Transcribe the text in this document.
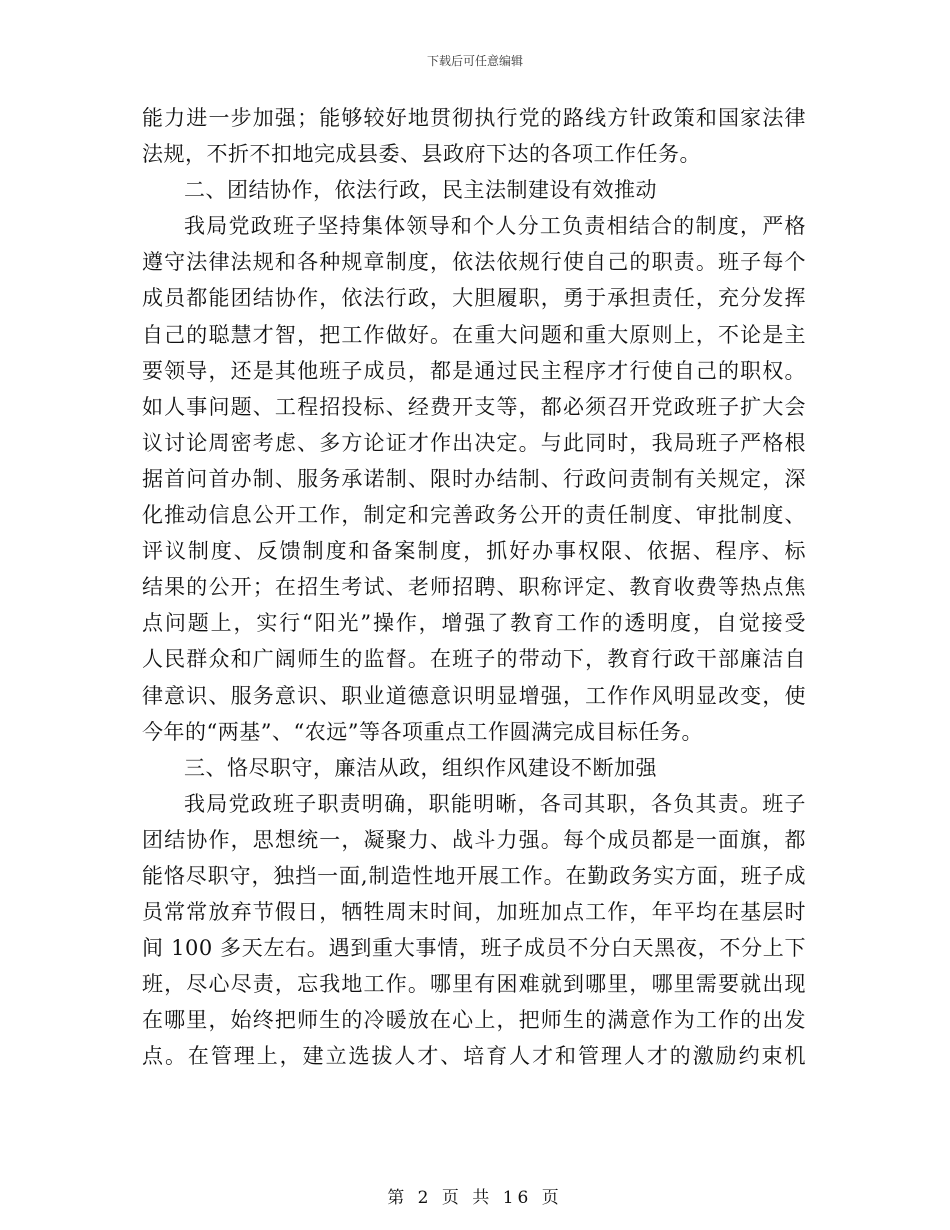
下载后可任意编辑
能力进一步加强；能够较好地贯彻执行党的路线方针政策和国家法律
法规，不折不扣地完成县委、县政府下达的各项工作任务。
二、团结协作，依法行政，民主法制建设有效推动
我局党政班子坚持集体领导和个人分工负责相结合的制度，严格
遵守法律法规和各种规章制度，依法依规行使自己的职责。班子每个
成员都能团结协作，依法行政，大胆履职，勇于承担责任，充分发挥
自己的聪慧才智，把工作做好。在重大问题和重大原则上，不论是主
要领导，还是其他班子成员，都是通过民主程序才行使自己的职权。
如人事问题、工程招投标、经费开支等，都必须召开党政班子扩大会
议讨论周密考虑、多方论证才作出决定。与此同时，我局班子严格根
据首问首办制、服务承诺制、限时办结制、行政问责制有关规定，深
化推动信息公开工作，制定和完善政务公开的责任制度、审批制度、
评议制度、反馈制度和备案制度，抓好办事权限、依据、程序、标
结果的公开；在招生考试、老师招聘、职称评定、教育收费等热点焦
点问题上，实行“阳光”操作，增强了教育工作的透明度，自觉接受
人民群众和广阔师生的监督。在班子的带动下，教育行政干部廉洁自
律意识、服务意识、职业道德意识明显增强，工作作风明显改变，使
今年的“两基”、“农远”等各项重点工作圆满完成目标任务。
三、恪尽职守，廉洁从政，组织作风建设不断加强
我局党政班子职责明确，职能明晰，各司其职，各负其责。班子
团结协作，思想统一，凝聚力、战斗力强。每个成员都是一面旗，都
能恪尽职守，独挡一面,制造性地开展工作。在勤政务实方面，班子成
员常常放弃节假日，牺牲周末时间，加班加点工作，年平均在基层时
间 100 多天左右。遇到重大事情，班子成员不分白天黑夜，不分上下
班，尽心尽责，忘我地工作。哪里有困难就到哪里，哪里需要就出现
在哪里，始终把师生的冷暖放在心上，把师生的满意作为工作的出发
点。在管理上，建立选拔人才、培育人才和管理人才的激励约束机
第 2 页 共 16 页
